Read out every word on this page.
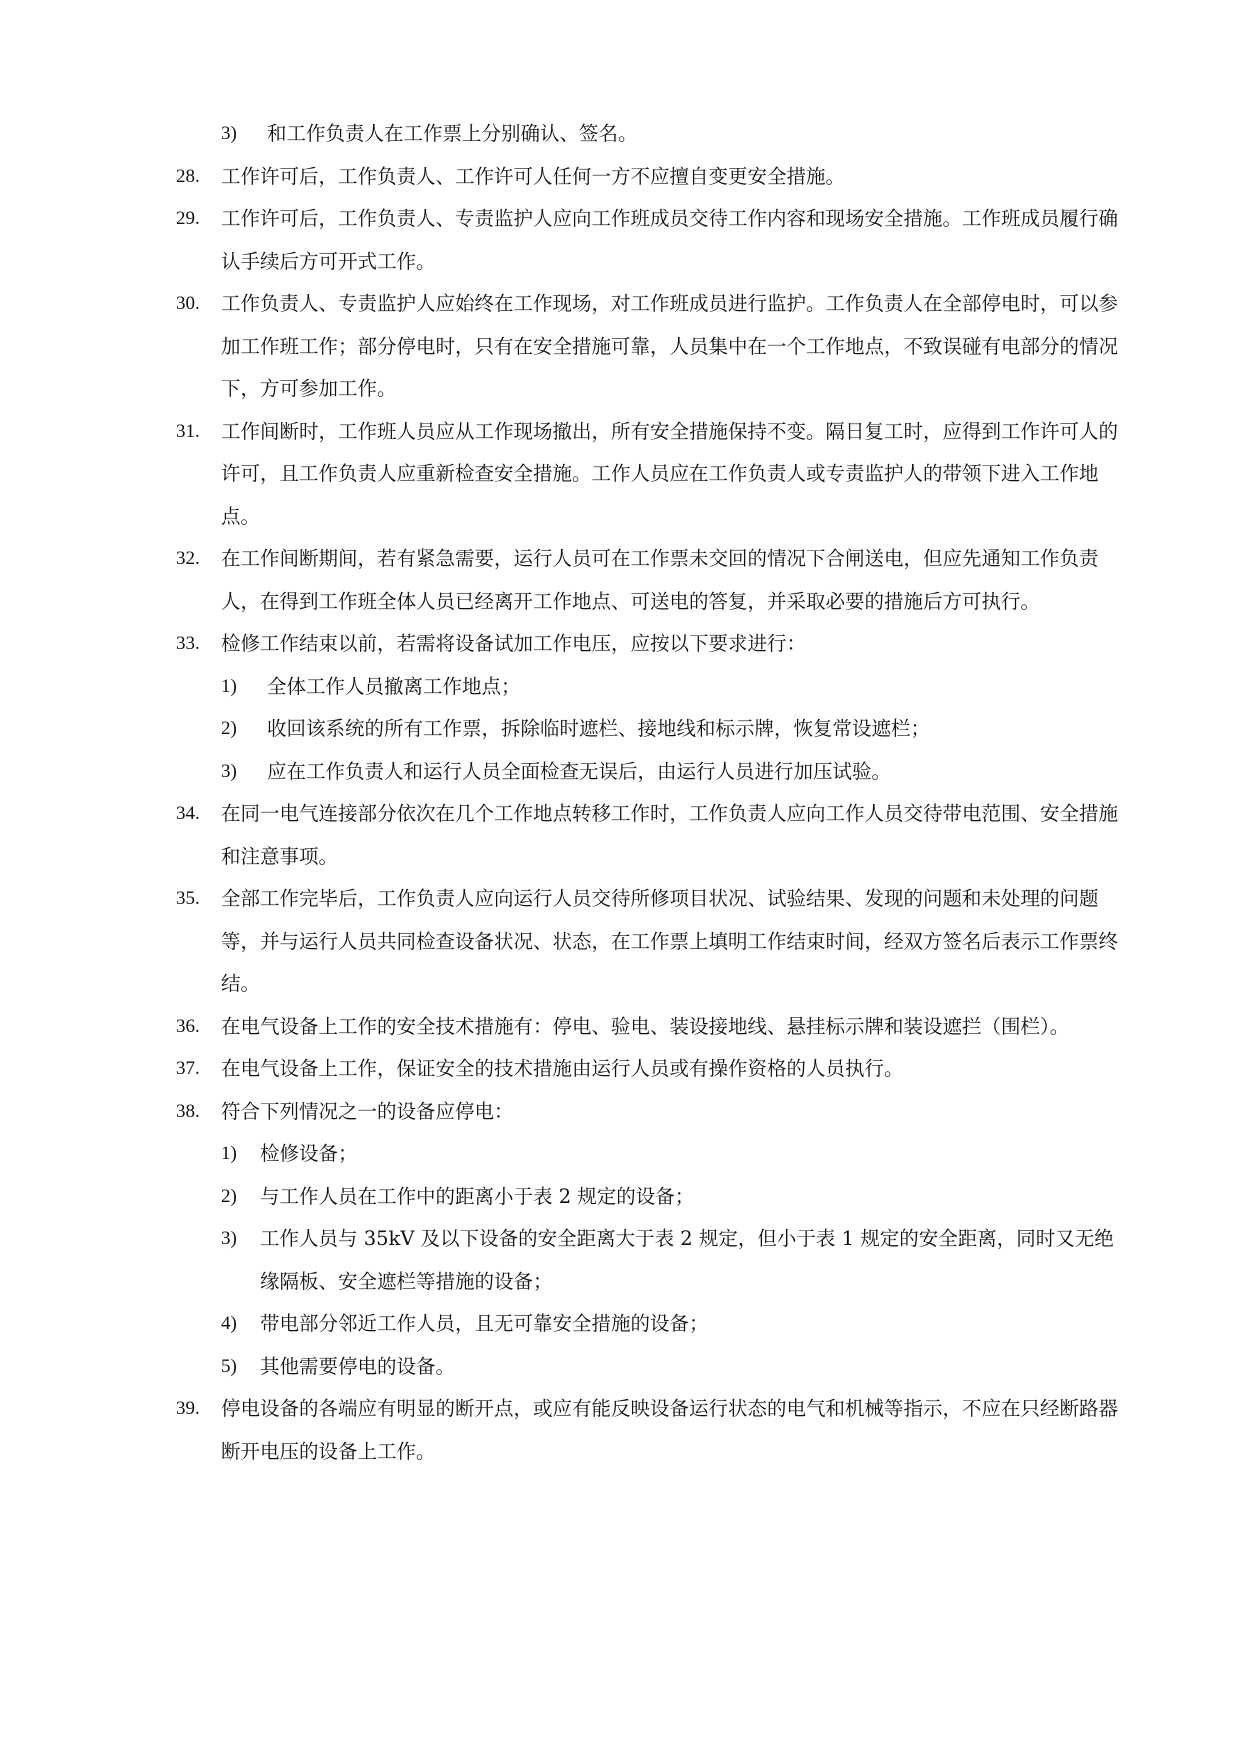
3)	和工作负责人在工作票上分别确认、签名。
28.	工作许可后，工作负责人、工作许可人任何一方不应擅自变更安全措施。
29.	工作许可后，工作负责人、专责监护人应向工作班成员交待工作内容和现场安全措施。工作班成员履行确认手续后方可开式工作。
30.	工作负责人、专责监护人应始终在工作现场，对工作班成员进行监护。工作负责人在全部停电时，可以参加工作班工作；部分停电时，只有在安全措施可靠，人员集中在一个工作地点，不致误碰有电部分的情况下，方可参加工作。
31.	工作间断时，工作班人员应从工作现场撤出，所有安全措施保持不变。隔日复工时，应得到工作许可人的许可，且工作负责人应重新检查安全措施。工作人员应在工作负责人或专责监护人的带领下进入工作地点。
32.	在工作间断期间，若有紧急需要，运行人员可在工作票未交回的情况下合闸送电，但应先通知工作负责人，在得到工作班全体人员已经离开工作地点、可送电的答复，并采取必要的措施后方可执行。
33.	检修工作结束以前，若需将设备试加工作电压，应按以下要求进行：
1)	全体工作人员撤离工作地点；
2)	收回该系统的所有工作票，拆除临时遮栏、接地线和标示牌，恢复常设遮栏；
3)	应在工作负责人和运行人员全面检查无误后，由运行人员进行加压试验。
34.	在同一电气连接部分依次在几个工作地点转移工作时，工作负责人应向工作人员交待带电范围、安全措施和注意事项。
35.	全部工作完毕后，工作负责人应向运行人员交待所修项目状况、试验结果、发现的问题和未处理的问题等，并与运行人员共同检查设备状况、状态，在工作票上填明工作结束时间，经双方签名后表示工作票终结。
36.	在电气设备上工作的安全技术措施有：停电、验电、装设接地线、悬挂标示牌和装设遮拦（围栏）。
37.	在电气设备上工作，保证安全的技术措施由运行人员或有操作资格的人员执行。
38.	符合下列情况之一的设备应停电：
1)	检修设备；
2)	与工作人员在工作中的距离小于表 2 规定的设备；
3)	工作人员与 35kV 及以下设备的安全距离大于表 2 规定，但小于表 1 规定的安全距离，同时又无绝缘隔板、安全遮栏等措施的设备；
4)	带电部分邻近工作人员，且无可靠安全措施的设备；
5)	其他需要停电的设备。
39.	停电设备的各端应有明显的断开点，或应有能反映设备运行状态的电气和机械等指示，不应在只经断路器断开电压的设备上工作。
